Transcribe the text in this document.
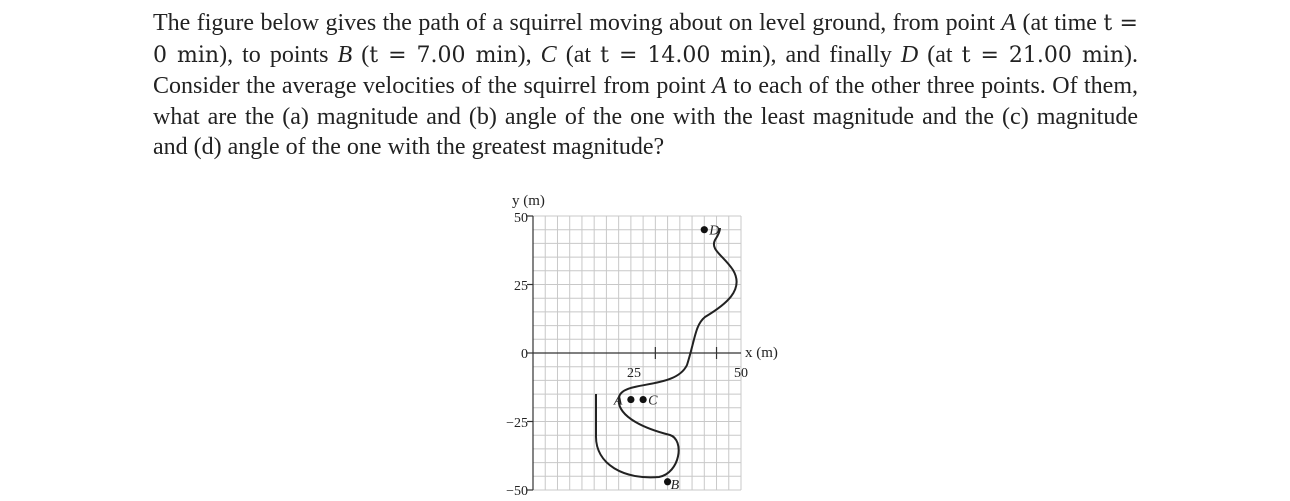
The figure below gives the path of a squirrel moving about on level ground, from point A (at time t = 0 min), to points B (t = 7.00 min), C (at t = 14.00 min), and finally D (at t = 21.00 min). Consider the average velocities of the squirrel from point A to each of the other three points. Of them, what are the (a) magnitude and (b) angle of the one with the least magnitude and the (c) magnitude and (d) angle of the one with the greatest magnitude?
A
B
C
D
y (m)
x (m)
50
25
0
−25
−50
25	50
